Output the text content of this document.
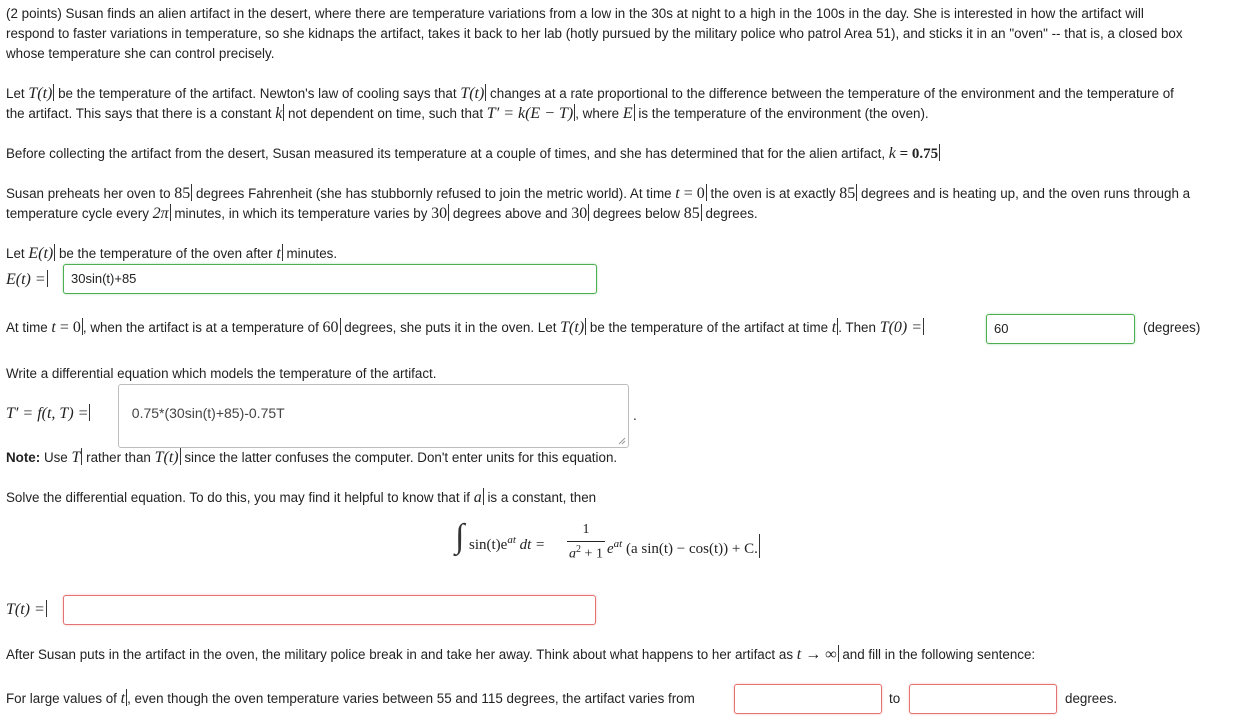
(2 points) Susan finds an alien artifact in the desert, where there are temperature variations from a low in the 30s at night to a high in the 100s in the day. She is interested in how the artifact will
respond to faster variations in temperature, so she kidnaps the artifact, takes it back to her lab (hotly pursued by the military police who patrol Area 51), and sticks it in an "oven" -- that is, a closed box
whose temperature she can control precisely.
Let T(t) be the temperature of the artifact. Newton's law of cooling says that T(t) changes at a rate proportional to the difference between the temperature of the environment and the temperature of
the artifact. This says that there is a constant k not dependent on time, such that T′ = k(E − T) , where E is the temperature of the environment (the oven).
Before collecting the artifact from the desert, Susan measured its temperature at a couple of times, and she has determined that for the alien artifact, k = 0.75
Susan preheats her oven to 85 degrees Fahrenheit (she has stubbornly refused to join the metric world). At time t = 0 the oven is at exactly 85 degrees and is heating up, and the oven runs through a
temperature cycle every 2π minutes, in which its temperature varies by 30 degrees above and 30 degrees below 85 degrees.
Let E(t) be the temperature of the oven after t minutes.
E(t) =	30sin(t)+85
At time t = 0 , when the artifact is at a temperature of 60 degrees, she puts it in the oven. Let T(t) be the temperature of the artifact at time t . Then T(0) =	60	(degrees)
Write a differential equation which models the temperature of the artifact.
T′ = f(t, T) =	0.75*(30sin(t)+85)-0.75T
	.
Note: Use T rather than T(t) since the latter confuses the computer. Don't enter units for this equation.
Solve the differential equation. To do this, you may find it helpful to know that if a is a constant, then
∫ $\sin(t)e^{at}$ dt =
1
$a^2 + 1$ $e^{at}$ (a sin(t) − cos(t)) + C.
T(t) =
After Susan puts in the artifact in the oven, the military police break in and take her away. Think about what happens to her artifact as t → ∞ and fill in the following sentence:
For large values of t , even though the oven temperature varies between 55 and 115 degrees, the artifact varies from	to	degrees.
